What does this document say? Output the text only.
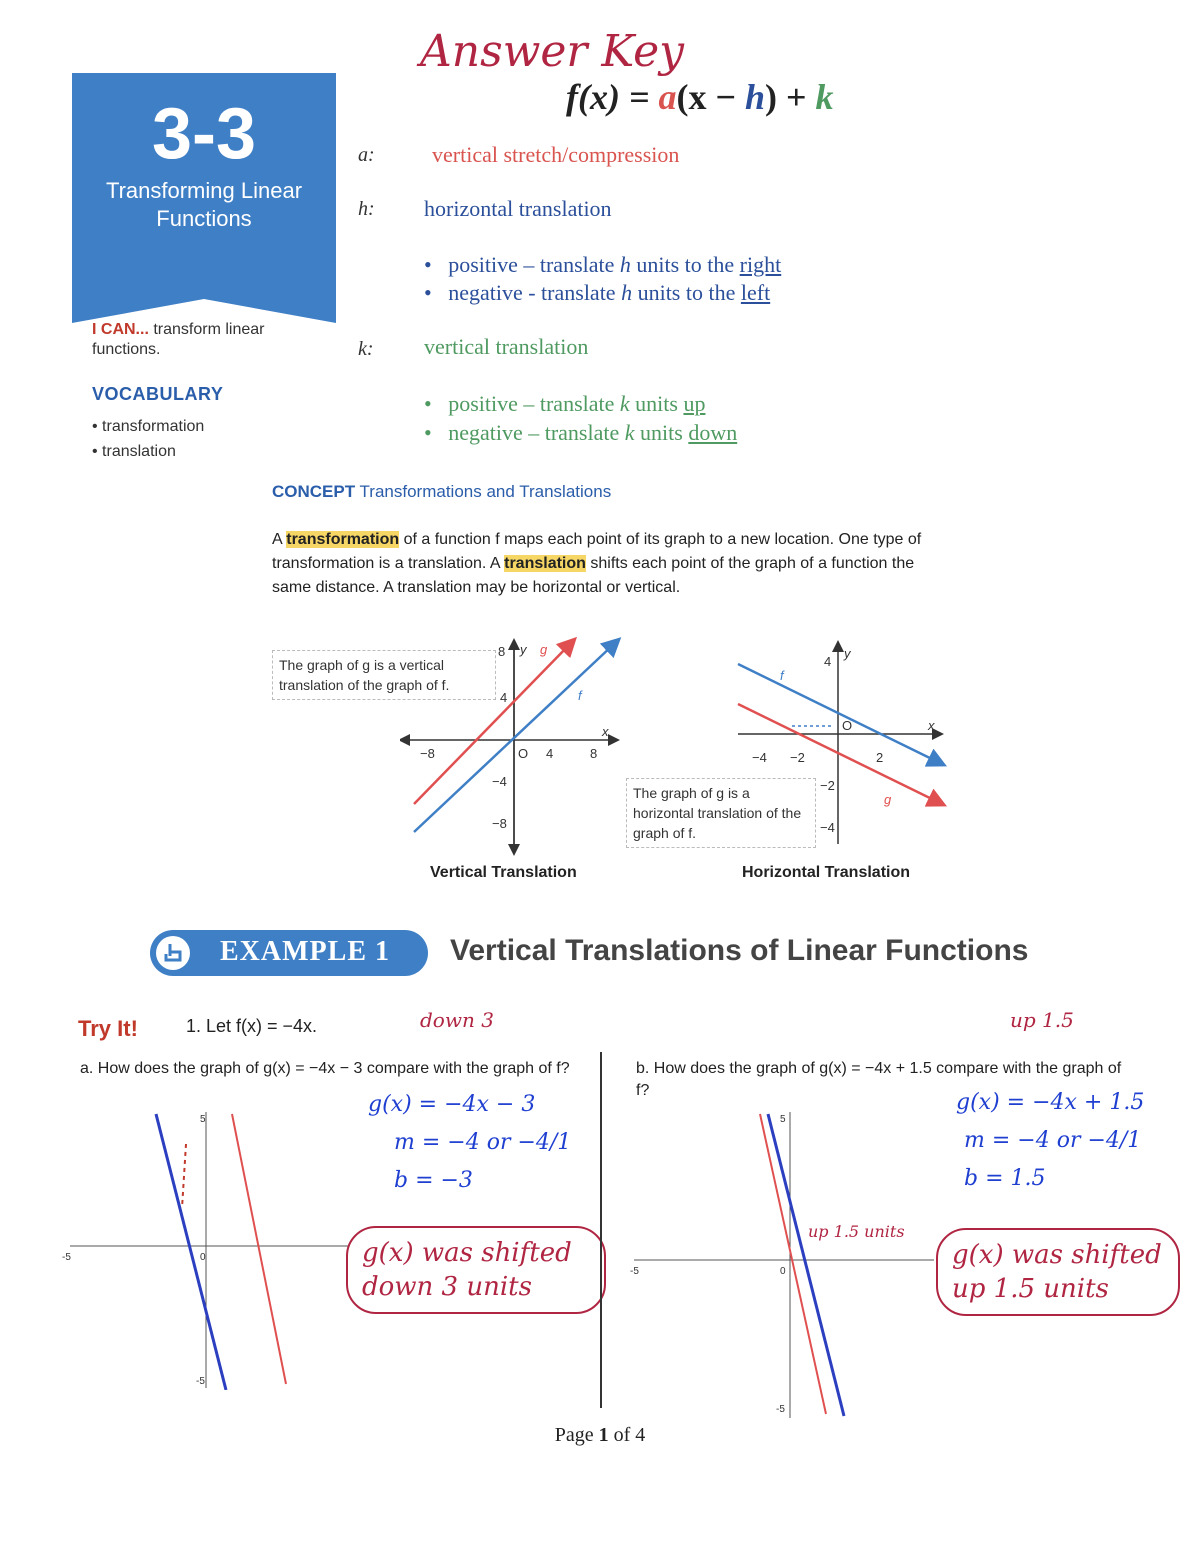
Answer Key
f(x) = a(x − h) + k
3-3
Transforming Linear Functions
I CAN... transform linear functions.
VOCABULARY
• transformation
• translation
a:	vertical stretch/compression
h: horizontal translation
•   positive – translate h units to the right
•   negative - translate h units to the left
k: vertical translation
•   positive – translate k units up
•   negative – translate k units down
CONCEPT Transformations and Translations
A transformation of a function f maps each point of its graph to a new location. One type of transformation is a translation. A translation shifts each point of the graph of a function the same distance. A translation may be horizontal or vertical.
8 y g
f
4
x
O
−8	4	8
−4
−8
The graph of g is a vertical translation of the graph of f.
Vertical Translation
4
y
f
O	x
−4 −2	2
−2
g
−4
The graph of g is a horizontal translation of the graph of f.
Horizontal Translation
EXAMPLE 1 Vertical Translations of Linear Functions
Try It!	1. Let f(x) = −4x.
a. How does the graph of g(x) = −4x − 3 compare with the graph of f?
down 3
5
0
-5
-5
g(x) = −4x − 3
m = −4 or −4/1
b = −3
g(x) was shifted down 3 units
b. How does the graph of g(x) = −4x + 1.5 compare with the graph of f?
up 1.5
5
0
-5
-5
up 1.5 units
g(x) = −4x + 1.5
m = −4 or −4/1
b = 1.5
g(x) was shifted up 1.5 units
Page 1 of 4
